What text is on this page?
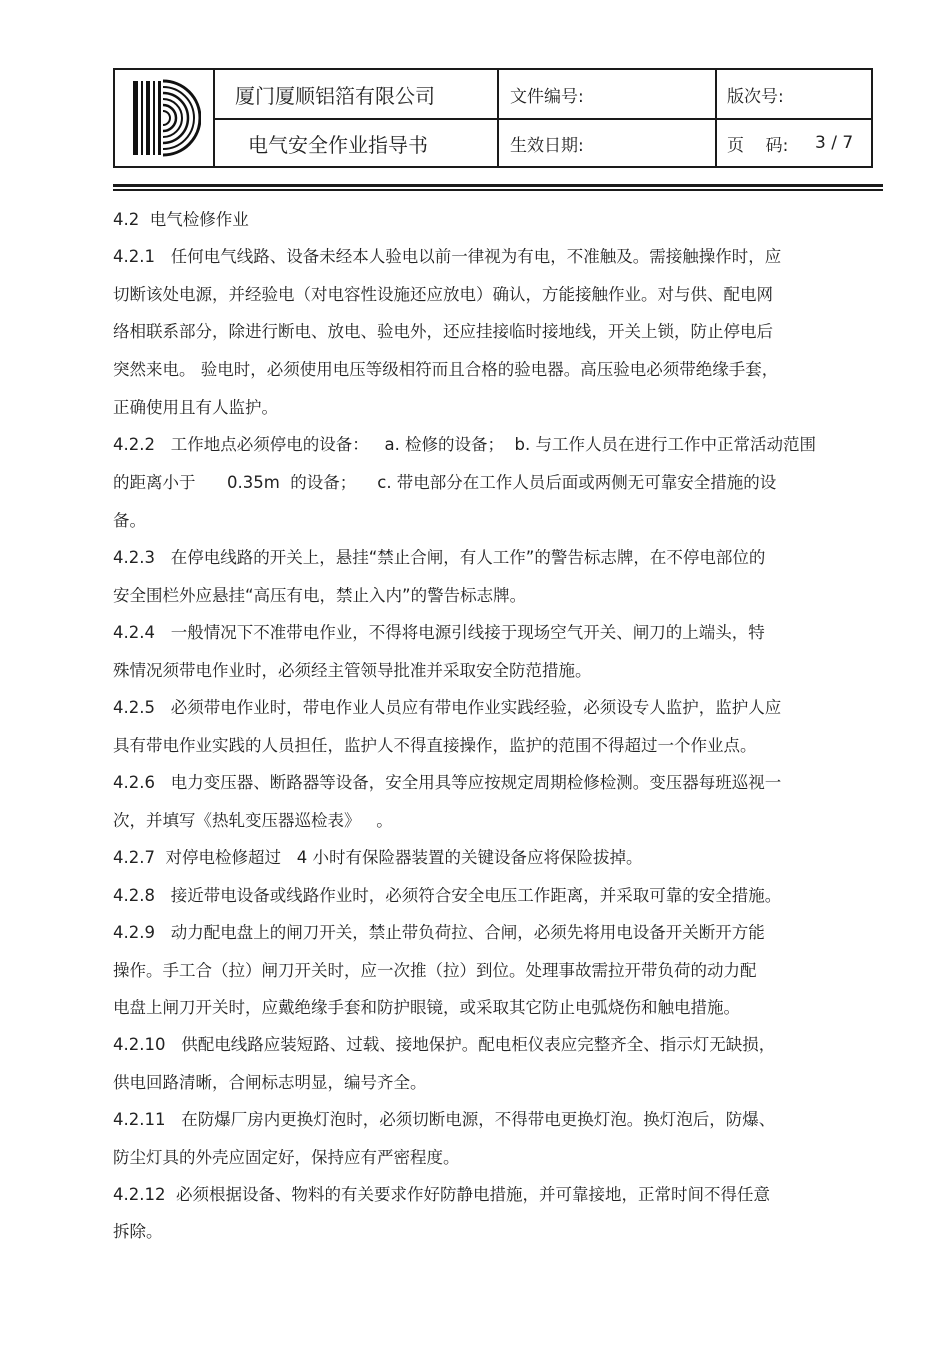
厦门厦顺铝箔有限公司
电气安全作业指导书
文件编号:
生效日期:
版次号:
页    码:	3 / 7
4.2  电气检修作业
4.2.1   任何电气线路、设备未经本人验电以前一律视为有电，不准触及。需接触操作时，应
切断该处电源，并经验电（对电容性设施还应放电）确认，方能接触作业。对与供、配电网
络相联系部分，除进行断电、放电、验电外，还应挂接临时接地线，开关上锁，防止停电后
突然来电。 验电时，必须使用电压等级相符而且合格的验电器。高压验电必须带绝缘手套，
正确使用且有人监护。
4.2.2   工作地点必须停电的设备：   a. 检修的设备；  b. 与工作人员在进行工作中正常活动范围
的距离小于      0.35m  的设备；    c. 带电部分在工作人员后面或两侧无可靠安全措施的设
备。
4.2.3   在停电线路的开关上，悬挂“禁止合闸，有人工作”的警告标志牌，在不停电部位的
安全围栏外应悬挂“高压有电，禁止入内”的警告标志牌。
4.2.4   一般情况下不准带电作业，不得将电源引线接于现场空气开关、闸刀的上端头，特
殊情况须带电作业时，必须经主管领导批准并采取安全防范措施。
4.2.5   必须带电作业时，带电作业人员应有带电作业实践经验，必须设专人监护，监护人应
具有带电作业实践的人员担任，监护人不得直接操作，监护的范围不得超过一个作业点。
4.2.6   电力变压器、断路器等设备，安全用具等应按规定周期检修检测。变压器每班巡视一
次，并填写《热轧变压器巡检表》   。
4.2.7  对停电检修超过   4 小时有保险器装置的关键设备应将保险拔掉。
4.2.8   接近带电设备或线路作业时，必须符合安全电压工作距离，并采取可靠的安全措施。
4.2.9   动力配电盘上的闸刀开关，禁止带负荷拉、合闸，必须先将用电设备开关断开方能
操作。手工合（拉）闸刀开关时，应一次推（拉）到位。处理事故需拉开带负荷的动力配
电盘上闸刀开关时，应戴绝缘手套和防护眼镜，或采取其它防止电弧烧伤和触电措施。
4.2.10   供配电线路应装短路、过载、接地保护。配电柜仪表应完整齐全、指示灯无缺损，
供电回路清晰，合闸标志明显，编号齐全。
4.2.11   在防爆厂房内更换灯泡时，必须切断电源，不得带电更换灯泡。换灯泡后，防爆、
防尘灯具的外壳应固定好，保持应有严密程度。
4.2.12  必须根据设备、物料的有关要求作好防静电措施，并可靠接地，正常时间不得任意
拆除。
